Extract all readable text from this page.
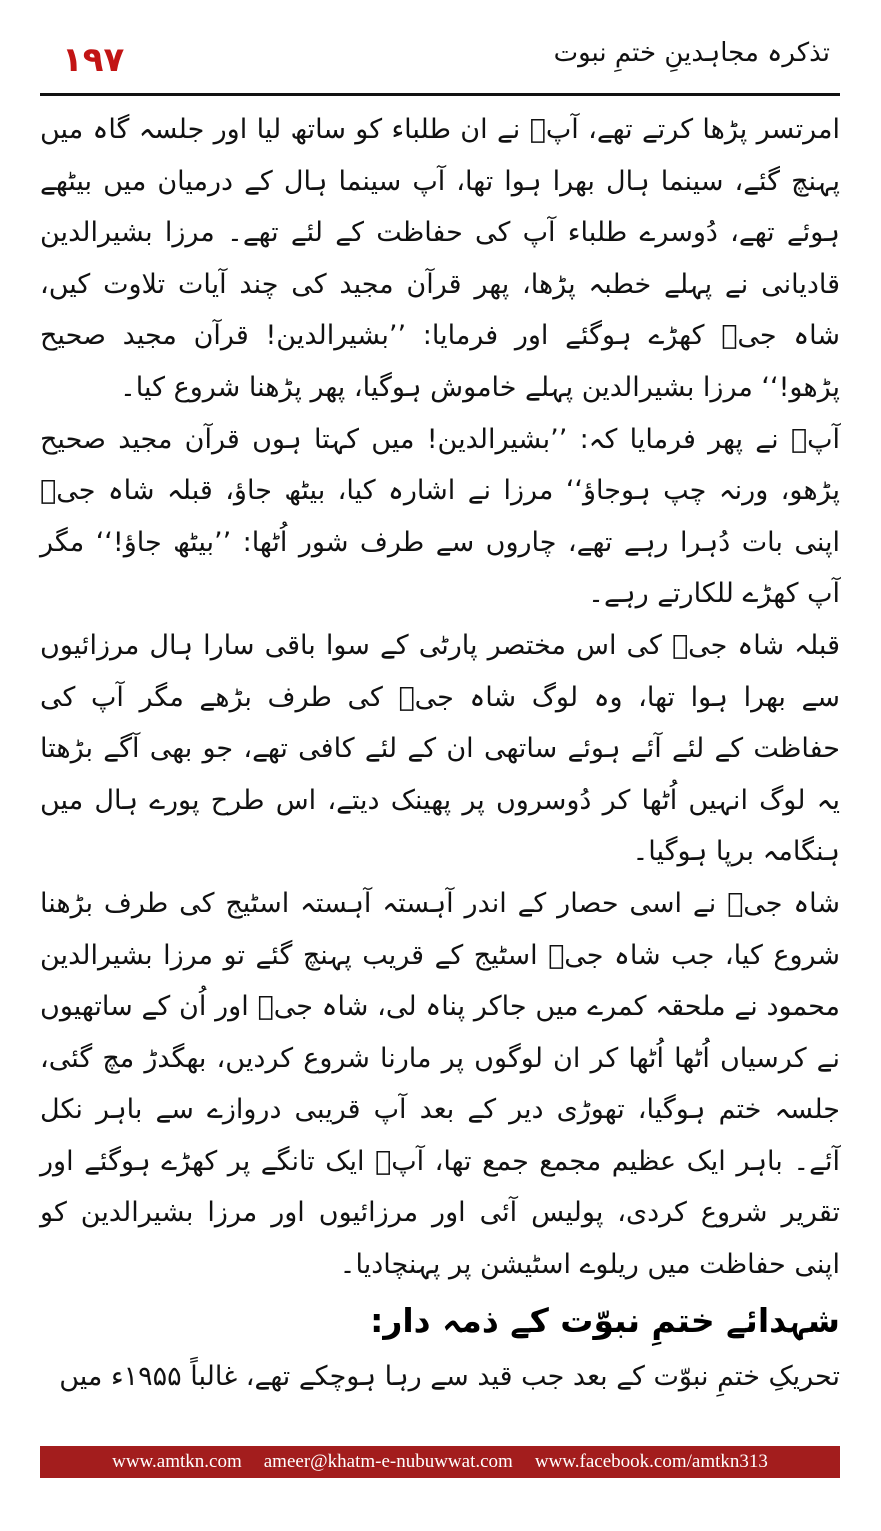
۱۹۷	تذکرہ مجاہدینِ ختمِ نبوت

امرتسر پڑھا کرتے تھے، آپؒ نے ان طلباء کو ساتھ لیا اور جلسہ گاہ میں پہنچ گئے، سینما ہال بھرا ہوا تھا، آپ سینما ہال کے درمیان میں بیٹھے ہوئے تھے، دُوسرے طلباء آپ کی حفاظت کے لئے تھے۔ مرزا بشیرالدین قادیانی نے پہلے خطبہ پڑھا، پھر قرآن مجید کی چند آیات تلاوت کیں، شاہ جیؒ کھڑے ہوگئے اور فرمایا: ’’بشیرالدین! قرآن مجید صحیح پڑھو!‘‘ مرزا بشیرالدین پہلے خاموش ہوگیا، پھر پڑھنا شروع کیا۔

آپؒ نے پھر فرمایا کہ: ’’بشیرالدین! میں کہتا ہوں قرآن مجید صحیح پڑھو، ورنہ چپ ہوجاؤ‘‘ مرزا نے اشارہ کیا، بیٹھ جاؤ، قبلہ شاہ جیؒ اپنی بات دُہرا رہے تھے، چاروں سے طرف شور اُٹھا: ’’بیٹھ جاؤ!‘‘ مگر آپ کھڑے للکارتے رہے۔

قبلہ شاہ جیؒ کی اس مختصر پارٹی کے سوا باقی سارا ہال مرزائیوں سے بھرا ہوا تھا، وہ لوگ شاہ جیؒ کی طرف بڑھے مگر آپ کی حفاظت کے لئے آئے ہوئے ساتھی ان کے لئے کافی تھے، جو بھی آگے بڑھتا یہ لوگ انہیں اُٹھا کر دُوسروں پر پھینک دیتے، اس طرح پورے ہال میں ہنگامہ برپا ہوگیا۔

شاہ جیؒ نے اسی حصار کے اندر آہستہ آہستہ اسٹیج کی طرف بڑھنا شروع کیا، جب شاہ جیؒ اسٹیج کے قریب پہنچ گئے تو مرزا بشیرالدین محمود نے ملحقہ کمرے میں جاکر پناہ لی، شاہ جیؒ اور اُن کے ساتھیوں نے کرسیاں اُٹھا اُٹھا کر ان لوگوں پر مارنا شروع کردیں، بھگدڑ مچ گئی، جلسہ ختم ہوگیا، تھوڑی دیر کے بعد آپ قریبی دروازے سے باہر نکل آئے۔ باہر ایک عظیم مجمع جمع تھا، آپؒ ایک تانگے پر کھڑے ہوگئے اور تقریر شروع کردی، پولیس آئی اور مرزائیوں اور مرزا بشیرالدین کو اپنی حفاظت میں ریلوے اسٹیشن پر پہنچادیا۔

شہدائے ختمِ نبوّت کے ذمہ دار:

تحریکِ ختمِ نبوّت کے بعد جب قید سے رہا ہوچکے تھے، غالباً ۱۹۵۵ء میں

www.amtkn.com ameer@khatm-e-nubuwwat.com www.facebook.com/amtkn313
